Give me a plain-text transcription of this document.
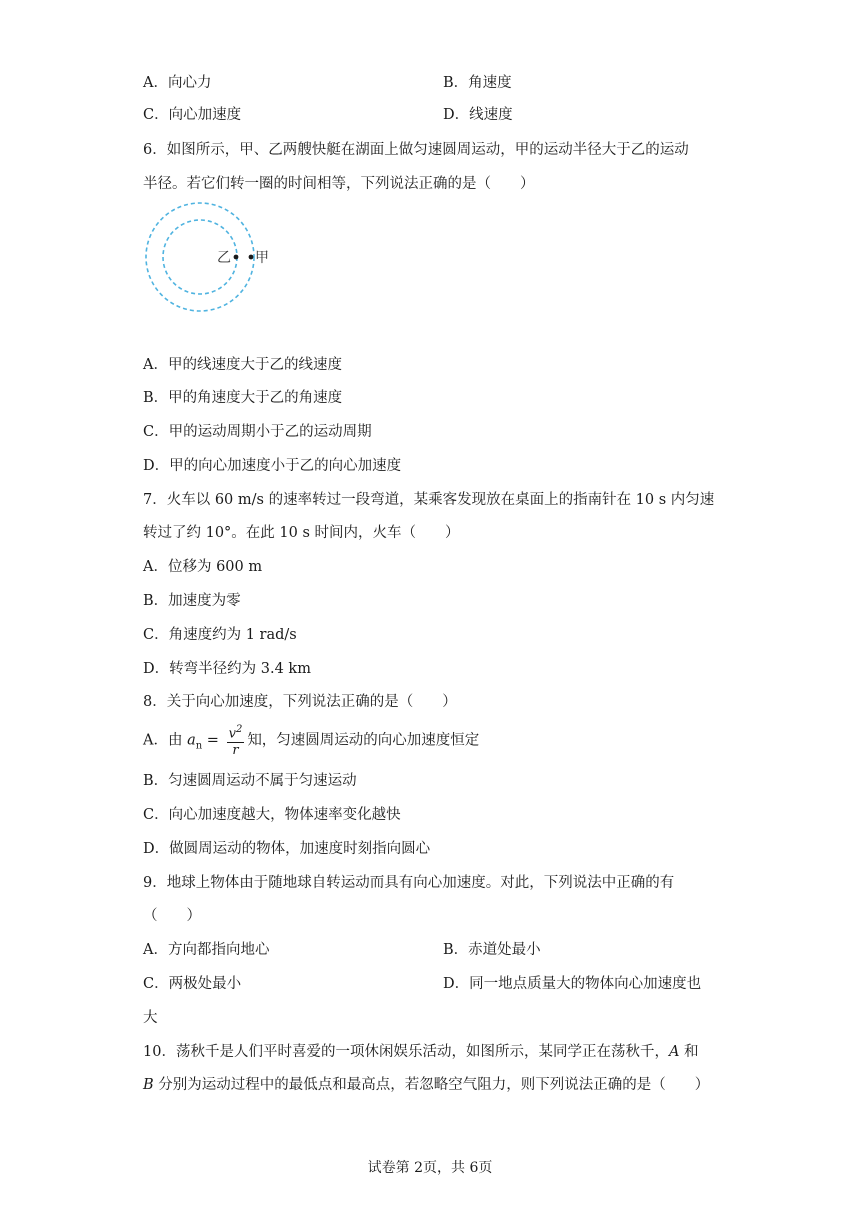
A．向心力	B．角速度
C．向心加速度	D．线速度
6．如图所示，甲、乙两艘快艇在湖面上做匀速圆周运动，甲的运动半径大于乙的运动
半径。若它们转一圈的时间相等，下列说法正确的是（　　）
乙 甲
A．甲的线速度大于乙的线速度
B．甲的角速度大于乙的角速度
C．甲的运动周期小于乙的运动周期
D．甲的向心加速度小于乙的向心加速度
7．火车以 60 m/s 的速率转过一段弯道，某乘客发现放在桌面上的指南针在 10 s 内匀速
转过了约 10°。在此 10 s 时间内，火车（　　）
A．位移为 600 m
B．加速度为零
C．角速度约为 1 rad/s
D．转弯半径约为 3.4 km
8．关于向心加速度，下列说法正确的是（　　）
A．由 $a_n = \frac{v^2}{r}$ 知，匀速圆周运动的向心加速度恒定
B．匀速圆周运动不属于匀速运动
C．向心加速度越大，物体速率变化越快
D．做圆周运动的物体，加速度时刻指向圆心
9．地球上物体由于随地球自转运动而具有向心加速度。对此，下列说法中正确的有
（　　）
A．方向都指向地心	B．赤道处最小
C．两极处最小	D．同一地点质量大的物体向心加速度也
大
10．荡秋千是人们平时喜爱的一项休闲娱乐活动，如图所示，某同学正在荡秋千，A 和
B 分别为运动过程中的最低点和最高点，若忽略空气阻力，则下列说法正确的是（　　）
试卷第 2页，共 6页
